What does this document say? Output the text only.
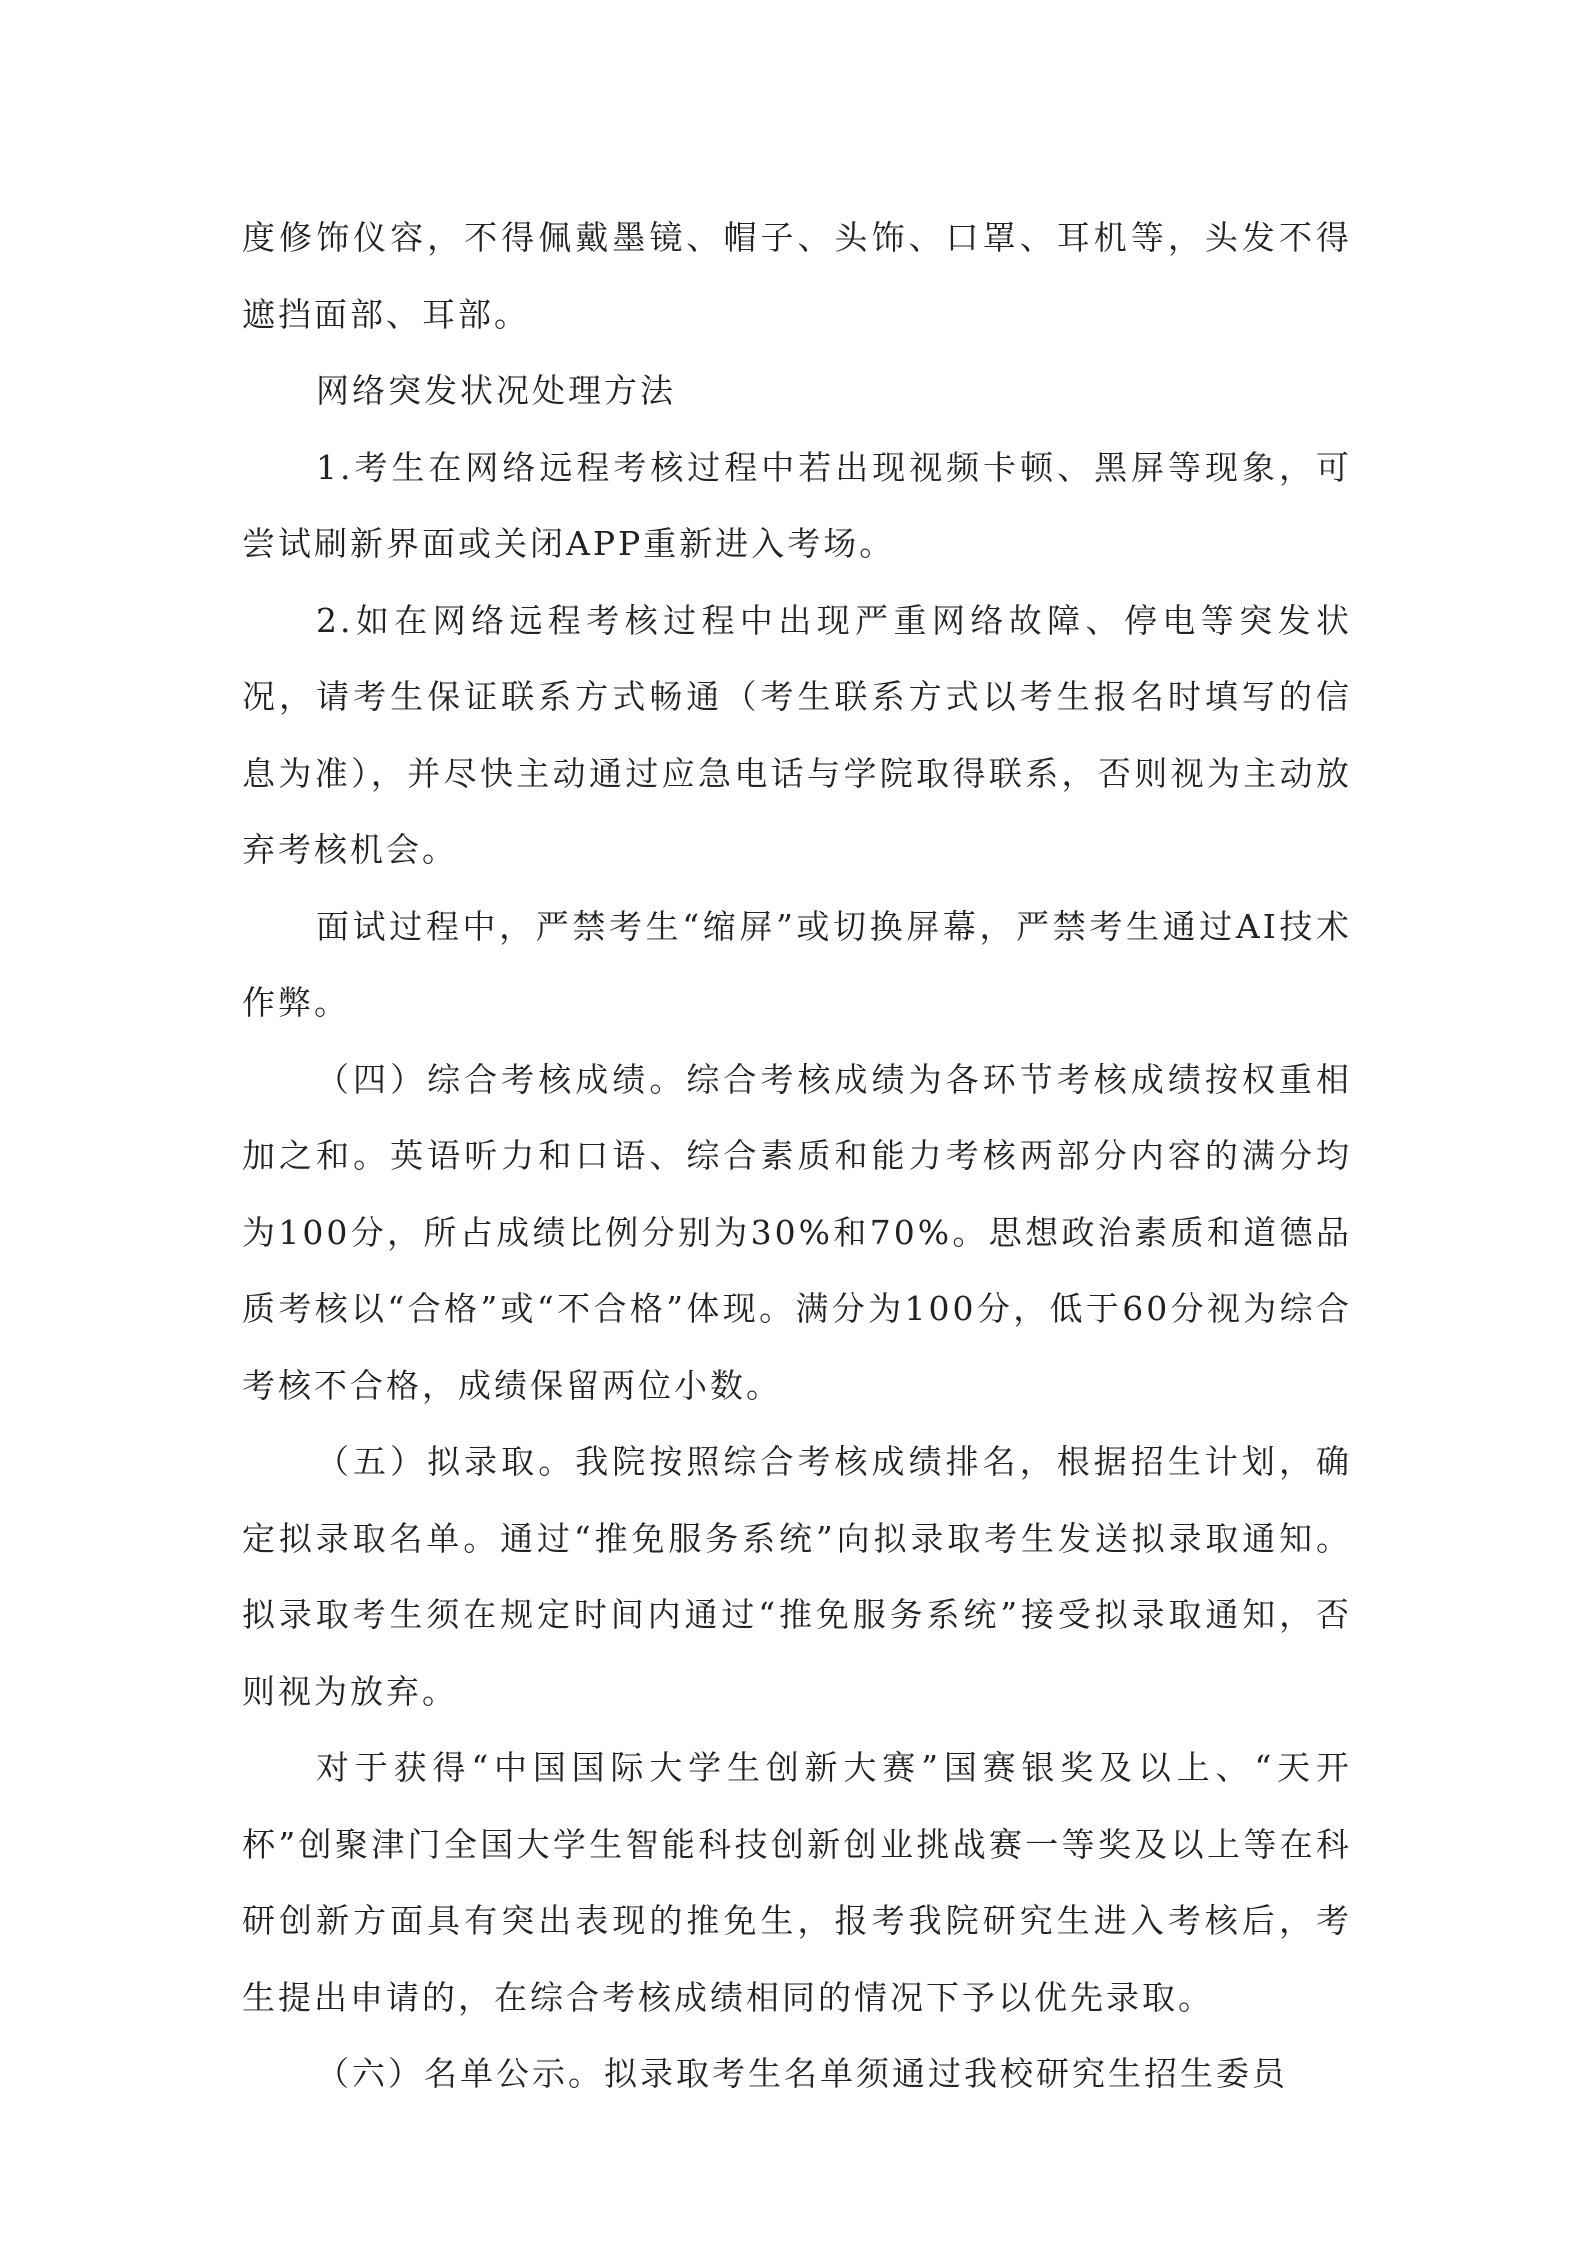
度修饰仪容，不得佩戴墨镜、帽子、头饰、口罩、耳机等，头发不得遮挡面部、耳部。

网络突发状况处理方法

1.考生在网络远程考核过程中若出现视频卡顿、黑屏等现象，可尝试刷新界面或关闭APP重新进入考场。

2.如在网络远程考核过程中出现严重网络故障、停电等突发状况，请考生保证联系方式畅通（考生联系方式以考生报名时填写的信息为准），并尽快主动通过应急电话与学院取得联系，否则视为主动放弃考核机会。

面试过程中，严禁考生“缩屏”或切换屏幕，严禁考生通过AI技术作弊。

（四）综合考核成绩。综合考核成绩为各环节考核成绩按权重相加之和。英语听力和口语、综合素质和能力考核两部分内容的满分均为100分，所占成绩比例分别为30%和70%。思想政治素质和道德品质考核以“合格”或“不合格”体现。满分为100分，低于60分视为综合考核不合格，成绩保留两位小数。

（五）拟录取。我院按照综合考核成绩排名，根据招生计划，确定拟录取名单。通过“推免服务系统”向拟录取考生发送拟录取通知。拟录取考生须在规定时间内通过“推免服务系统”接受拟录取通知，否则视为放弃。

对于获得“中国国际大学生创新大赛”国赛银奖及以上、“天开杯”创聚津门全国大学生智能科技创新创业挑战赛一等奖及以上等在科研创新方面具有突出表现的推免生，报考我院研究生进入考核后，考生提出申请的，在综合考核成绩相同的情况下予以优先录取。

（六）名单公示。拟录取考生名单须通过我校研究生招生委员
